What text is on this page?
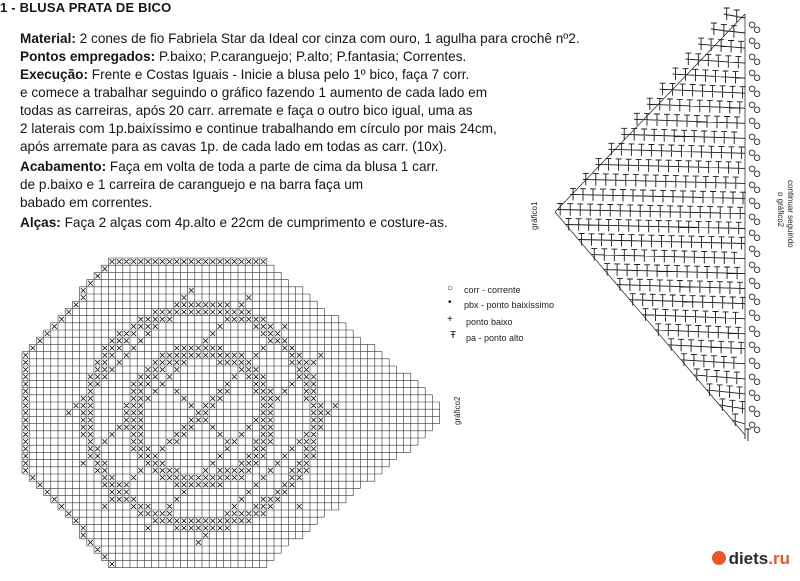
1 - BLUSA PRATA DE BICO
Material: 2 cones de fio Fabriela Star da Ideal cor cinza com ouro, 1 agulha para crochê nº2.
Pontos empregados: P.baixo; P.caranguejo; P.alto; P.fantasia; Correntes.
Execução: Frente e Costas Iguais - Inicie a blusa pelo 1º bico, faça 7 corr.
e comece a trabalhar seguindo o gráfico fazendo 1 aumento de cada lado em
todas as carreiras, após 20 carr. arremate e faça o outro bico igual, uma as
2 laterais com 1p.baixíssimo e continue trabalhando em círculo por mais 24cm,
após arremate para as cavas 1p. de cada lado em todas as carr. (10x).
Acabamento: Faça em volta de toda a parte de cima da blusa 1 carr.
de p.baixo e 1 carreira de caranguejo e na barra faça um
babado em correntes.
Alças: Faça 2 alças com 4p.alto e 22cm de cumprimento e costure-as.
○ corr - corrente
• pbx - ponto baixíssimo
+ ponto baixo
Ŧ pa - ponto alto
gráfico2
gráfico1	continuar seguindo
o gráfico2
diets.ru
